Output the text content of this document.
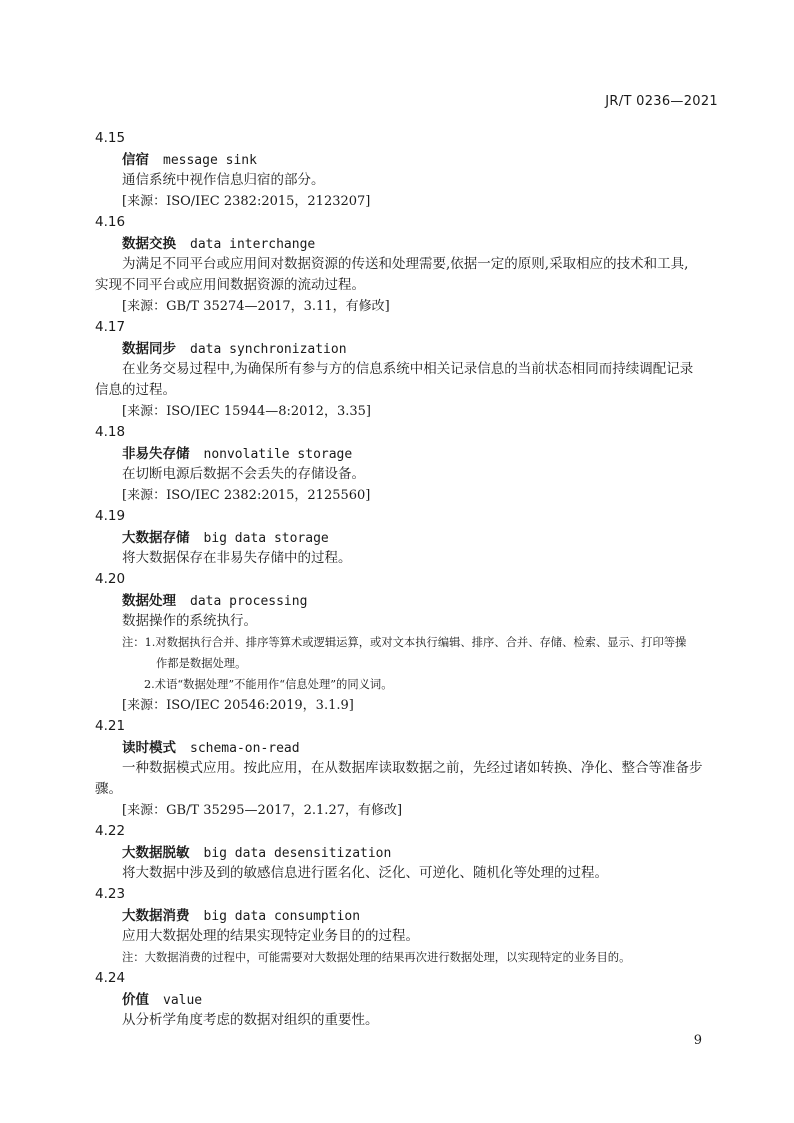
JR/T 0236—2021
4.15
信宿 message sink
通信系统中视作信息归宿的部分。
[来源：ISO/IEC 2382:2015，2123207]
4.16
数据交换 data interchange
为满足不同平台或应用间对数据资源的传送和处理需要,依据一定的原则,采取相应的技术和工具,
实现不同平台或应用间数据资源的流动过程。
[来源：GB/T 35274—2017，3.11，有修改]
4.17
数据同步 data synchronization
在业务交易过程中,为确保所有参与方的信息系统中相关记录信息的当前状态相同而持续调配记录
信息的过程。
[来源：ISO/IEC 15944—8:2012，3.35]
4.18
非易失存储 nonvolatile storage
在切断电源后数据不会丢失的存储设备。
[来源：ISO/IEC 2382:2015，2125560]
4.19
大数据存储 big data storage
将大数据保存在非易失存储中的过程。
4.20
数据处理 data processing
数据操作的系统执行。
注：1.对数据执行合并、排序等算术或逻辑运算，或对文本执行编辑、排序、合并、存储、检索、显示、打印等操
作都是数据处理。
2.术语“数据处理”不能用作“信息处理”的同义词。
[来源：ISO/IEC 20546:2019，3.1.9]
4.21
读时模式 schema-on-read
一种数据模式应用。按此应用，在从数据库读取数据之前，先经过诸如转换、净化、整合等准备步
骤。
[来源：GB/T 35295—2017，2.1.27，有修改]
4.22
大数据脱敏 big data desensitization
将大数据中涉及到的敏感信息进行匿名化、泛化、可逆化、随机化等处理的过程。
4.23
大数据消费 big data consumption
应用大数据处理的结果实现特定业务目的的过程。
注：大数据消费的过程中，可能需要对大数据处理的结果再次进行数据处理，以实现特定的业务目的。
4.24
价值 value
从分析学角度考虑的数据对组织的重要性。
9
